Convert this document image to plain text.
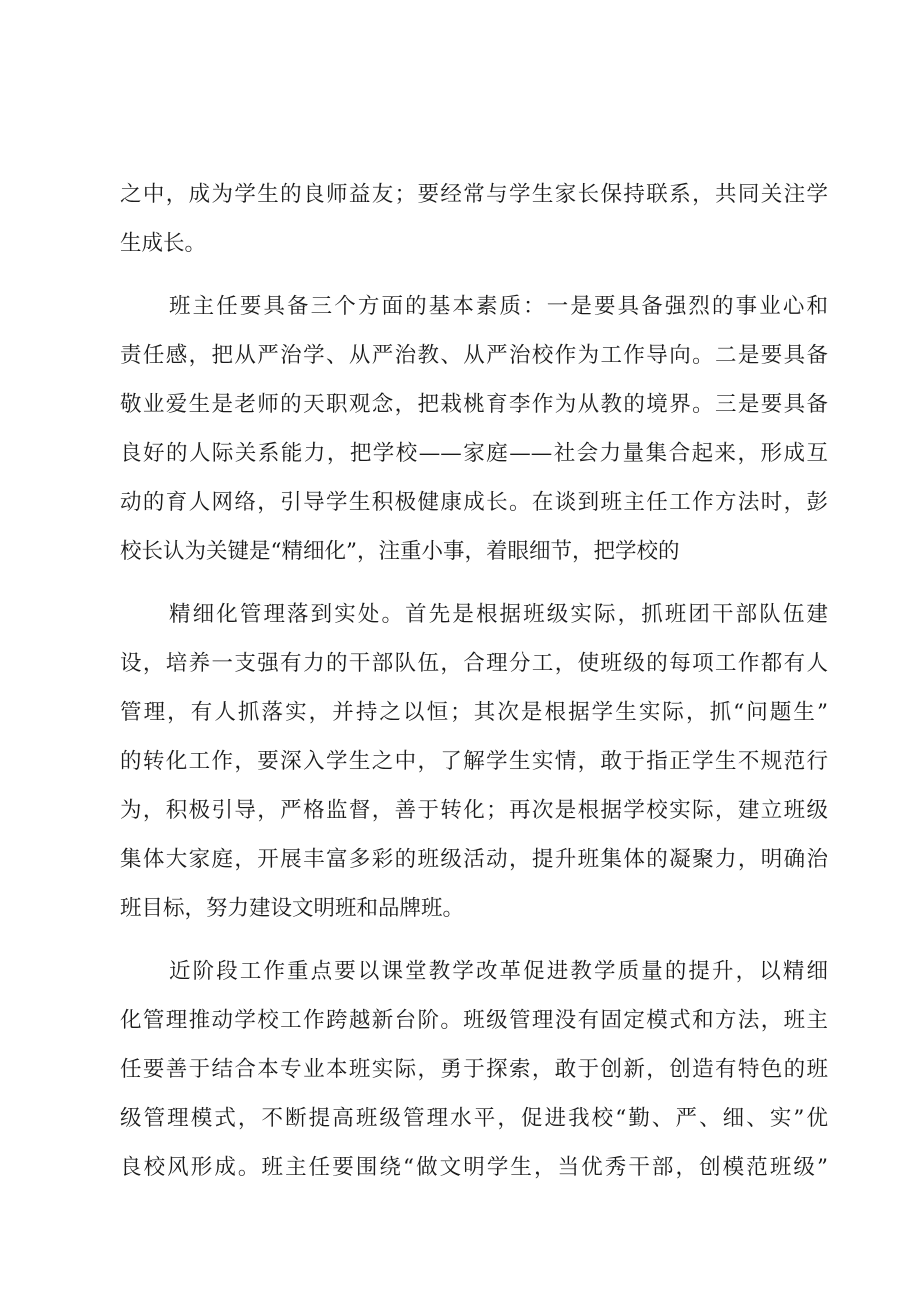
之中，成为学生的良师益友；要经常与学生家长保持联系，共同关注学
生成长。
班主任要具备三个方面的基本素质：一是要具备强烈的事业心和
责任感，把从严治学、从严治教、从严治校作为工作导向。二是要具备
敬业爱生是老师的天职观念，把栽桃育李作为从教的境界。三是要具备
良好的人际关系能力，把学校——家庭——社会力量集合起来，形成互
动的育人网络，引导学生积极健康成长。在谈到班主任工作方法时，彭
校长认为关键是“精细化”，注重小事，着眼细节，把学校的
精细化管理落到实处。首先是根据班级实际，抓班团干部队伍建
设，培养一支强有力的干部队伍，合理分工，使班级的每项工作都有人
管理，有人抓落实，并持之以恒；其次是根据学生实际，抓“问题生”
的转化工作，要深入学生之中，了解学生实情，敢于指正学生不规范行
为，积极引导，严格监督，善于转化；再次是根据学校实际，建立班级
集体大家庭，开展丰富多彩的班级活动，提升班集体的凝聚力，明确治
班目标，努力建设文明班和品牌班。
近阶段工作重点要以课堂教学改革促进教学质量的提升，以精细
化管理推动学校工作跨越新台阶。班级管理没有固定模式和方法，班主
任要善于结合本专业本班实际，勇于探索，敢于创新，创造有特色的班
级管理模式，不断提高班级管理水平，促进我校“勤、严、细、实”优
良校风形成。班主任要围绕“做文明学生，当优秀干部，创模范班级”
